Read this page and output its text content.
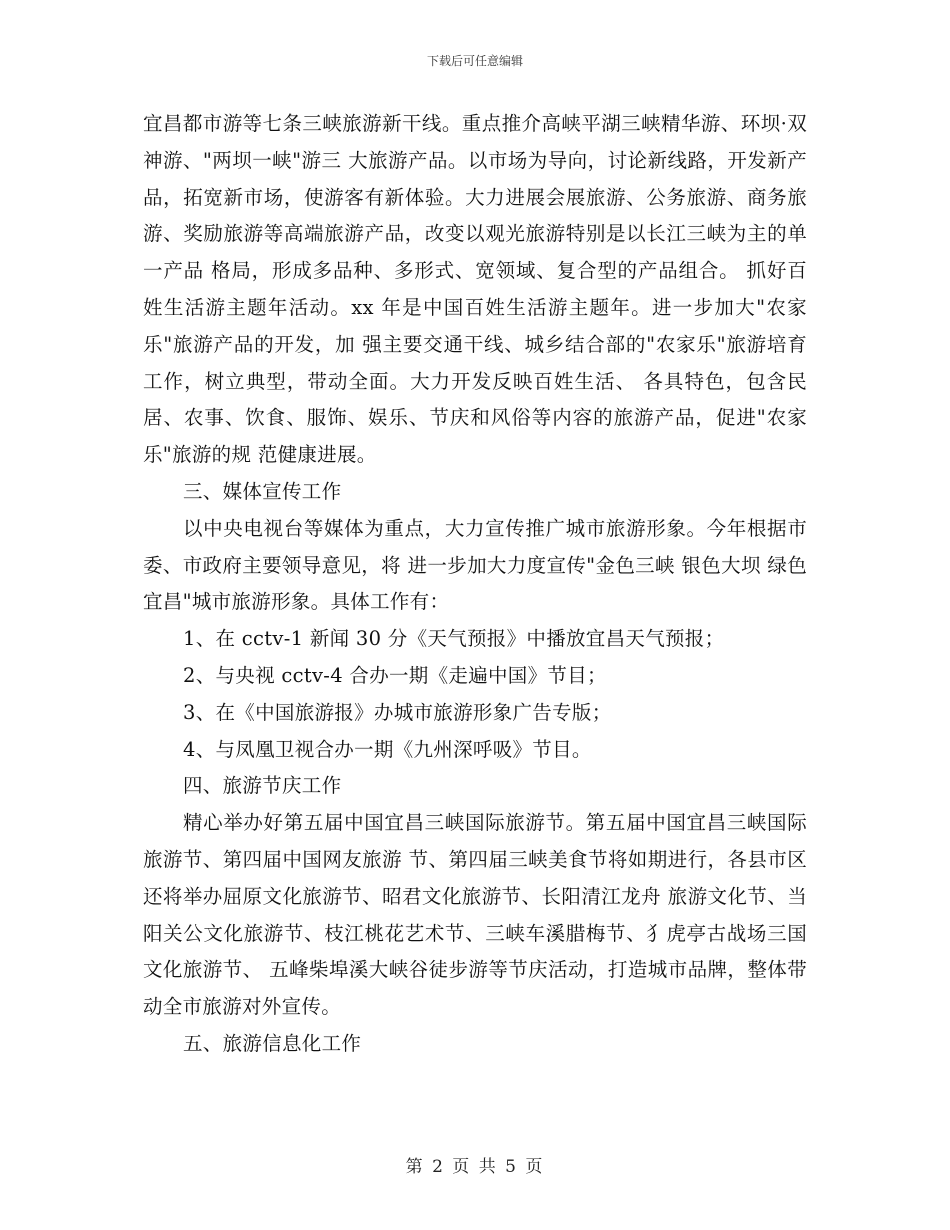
下载后可任意编辑

宜昌都市游等七条三峡旅游新干线。重点推介高峡平湖三峡精华游、环坝·双神游、"两坝一峡"游三 大旅游产品。以市场为导向，讨论新线路，开发新产品，拓宽新市场，使游客有新体验。大力进展会展旅游、公务旅游、商务旅游、奖励旅游等高端旅游产品，改变以观光旅游特别是以长江三峡为主的单一产品 格局，形成多品种、多形式、宽领域、复合型的产品组合。 抓好百姓生活游主题年活动。xx 年是中国百姓生活游主题年。进一步加大"农家乐"旅游产品的开发，加 强主要交通干线、城乡结合部的"农家乐"旅游培育工作，树立典型，带动全面。大力开发反映百姓生活、 各具特色，包含民居、农事、饮食、服饰、娱乐、节庆和风俗等内容的旅游产品，促进"农家乐"旅游的规 范健康进展。

三、媒体宣传工作

以中央电视台等媒体为重点，大力宣传推广城市旅游形象。今年根据市委、市政府主要领导意见，将 进一步加大力度宣传"金色三峡 银色大坝 绿色宜昌"城市旅游形象。具体工作有：

1、在 cctv-1 新闻 30 分《天气预报》中播放宜昌天气预报；

2、与央视 cctv-4 合办一期《走遍中国》节目；

3、在《中国旅游报》办城市旅游形象广告专版；

4、与凤凰卫视合办一期《九州深呼吸》节目。

四、旅游节庆工作

精心举办好第五届中国宜昌三峡国际旅游节。第五届中国宜昌三峡国际旅游节、第四届中国网友旅游 节、第四届三峡美食节将如期进行，各县市区还将举办屈原文化旅游节、昭君文化旅游节、长阳清江龙舟 旅游文化节、当阳关公文化旅游节、枝江桃花艺术节、三峡车溪腊梅节、犭虎亭古战场三国文化旅游节、 五峰柴埠溪大峡谷徒步游等节庆活动，打造城市品牌，整体带动全市旅游对外宣传。

五、旅游信息化工作

第 2 页 共 5 页
